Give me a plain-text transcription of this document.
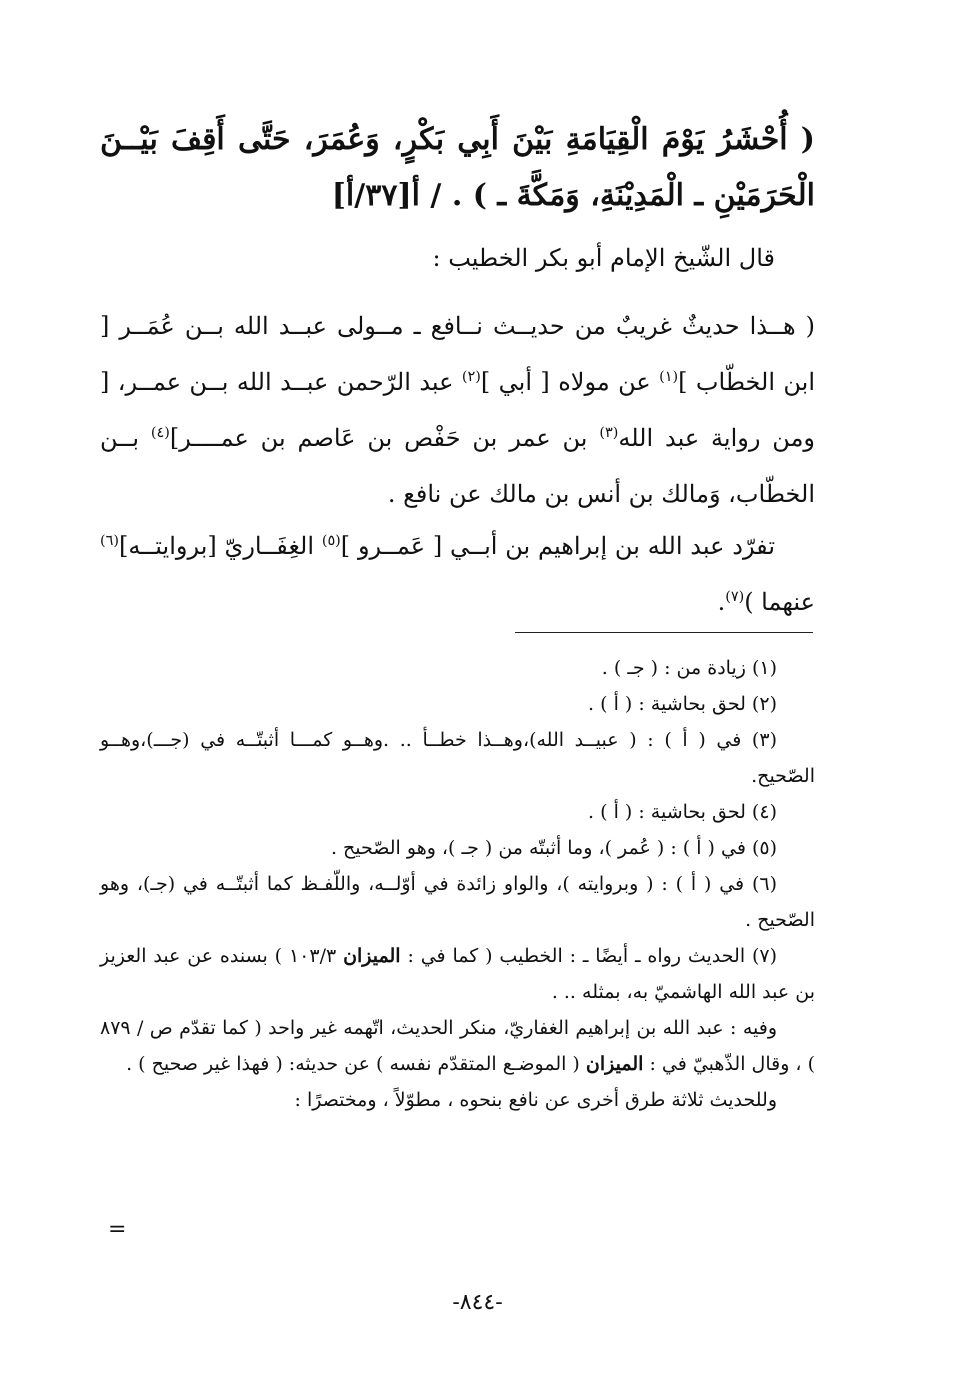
( أُحْشَرُ يَوْمَ الْقِيَامَةِ بَيْنَ أَبِي بَكْرٍ، وَعُمَرَ، حَتَّى أَقِفَ بَيْــنَ الْحَرَمَيْنِ ـ الْمَدِيْنَةِ، وَمَكَّةَ ـ ) . / أ[٣٧/أ]
قال الشّيخ الإمام أبو بكر الخطيب :
( هــذا حديثٌ غريبٌ من حديــث نــافع ـ مــولى عبــد الله بــن عُمَــر [ ابن الخطّاب ]$^{(١)}$ عن مولاه [ أبي ]$^{(٢)}$ عبد الرّحمن عبــد الله بــن عمــر، [ ومن رواية عبد الله$^{(٣)}$ بن عمر بن حَفْص بن عَاصم بن عمــــر]$^{(٤)}$ بــن الخطّاب، وَمالك بن أنس بن مالك عن نافع .
تفرّد عبد الله بن إبراهيم بن أبــي [ عَمــرو ]$^{(٥)}$ الغِفَــاريّ [بروايتــه]$^{(٦)}$ عنهما )$^{(٧)}$.

(١) زيادة من : ( جـ ) .

(٢) لحق بحاشية : ( أ ) .

(٣) في ( أ ) : ( عبيــد الله)،وهــذا خطــأ .. .وهــو كمـــا أثبتّــه في (جـــ)،وهــو الصّحيح.

(٤) لحق بحاشية : ( أ ) .

(٥) في ( أ ) : ( عُمر )، وما أثبتّه من ( جـ )، وهو الصّحيح .

(٦) في ( أ ) : ( وبروايته )، والواو زائدة في أوّلــه، واللّفـظ كما أثبتّــه في (جـ)، وهو الصّحيح .

(٧) الحديث رواه ـ أيضًا ـ : الخطيب ( كما في : الميزان ١٠٣/٣ ) بسنده عن عبد العزيز بن عبد الله الهاشميّ به، بمثله .. .

وفيه : عبد الله بن إبراهيم الغفاريّ، منكر الحديث، اتّهمه غير واحد ( كما تقدّم ص / ٨٧٩ ) ، وقال الذّهبيّ في : الميزان ( الموضـع المتقدّم نفسه ) عن حديثه: ( فهذا غير صحيح ) .

وللحديث ثلاثة طرق أخرى عن نافع بنحوه ، مطوّلاً ، ومختصرًا :

=
-٨٤٤-
